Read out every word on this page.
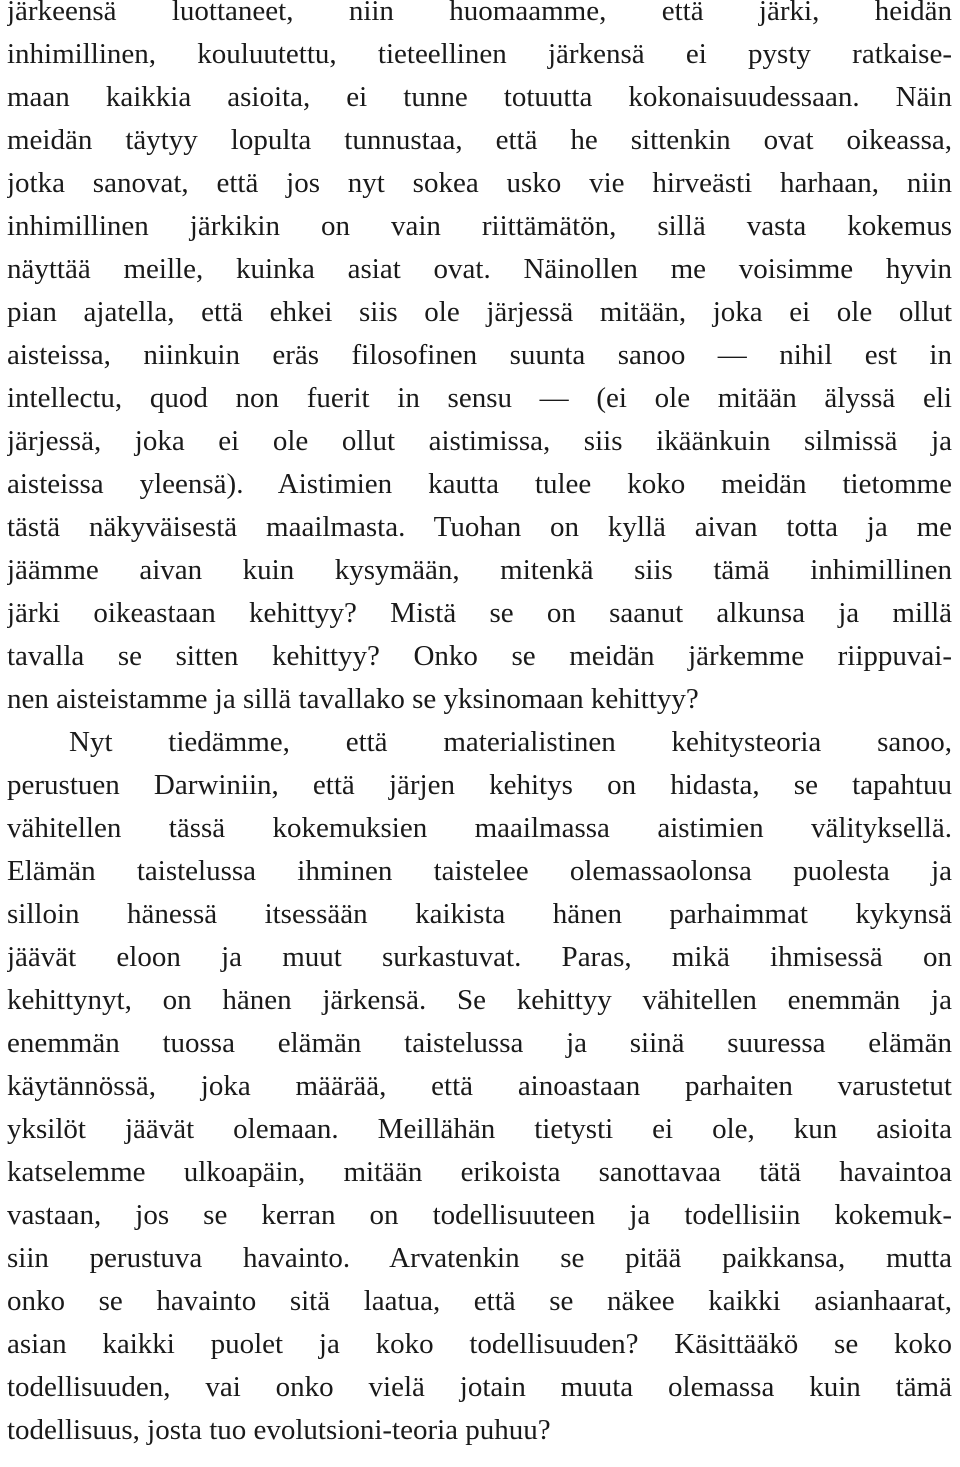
järkeensä luottaneet, niin huomaamme, että järki, heidän
inhimillinen, kouluutettu, tieteellinen järkensä ei pysty ratkaise-
maan kaikkia asioita, ei tunne totuutta kokonaisuudessaan. Näin
meidän täytyy lopulta tunnustaa, että he sittenkin ovat oikeassa,
jotka sanovat, että jos nyt sokea usko vie hirveästi harhaan, niin
inhimillinen järkikin on vain riittämätön, sillä vasta kokemus
näyttää meille, kuinka asiat ovat. Näinollen me voisimme hyvin
pian ajatella, että ehkei siis ole järjessä mitään, joka ei ole ollut
aisteissa, niinkuin eräs filosofinen suunta sanoo — nihil est in
intellectu, quod non fuerit in sensu — (ei ole mitään älyssä eli
järjessä, joka ei ole ollut aistimissa, siis ikäänkuin silmissä ja
aisteissa yleensä). Aistimien kautta tulee koko meidän tietomme
tästä näkyväisestä maailmasta. Tuohan on kyllä aivan totta ja me
jäämme aivan kuin kysymään, mitenkä siis tämä inhimillinen
järki oikeastaan kehittyy? Mistä se on saanut alkunsa ja millä
tavalla se sitten kehittyy? Onko se meidän järkemme riippuvai-
nen aisteistamme ja sillä tavallako se yksinomaan kehittyy?
Nyt tiedämme, että materialistinen kehitysteoria sanoo,
perustuen Darwiniin, että järjen kehitys on hidasta, se tapahtuu
vähitellen tässä kokemuksien maailmassa aistimien välityksellä.
Elämän taistelussa ihminen taistelee olemassaolonsa puolesta ja
silloin hänessä itsessään kaikista hänen parhaimmat kykynsä
jäävät eloon ja muut surkastuvat. Paras, mikä ihmisessä on
kehittynyt, on hänen järkensä. Se kehittyy vähitellen enemmän ja
enemmän tuossa elämän taistelussa ja siinä suuressa elämän
käytännössä, joka määrää, että ainoastaan parhaiten varustetut
yksilöt jäävät olemaan. Meillähän tietysti ei ole, kun asioita
katselemme ulkoapäin, mitään erikoista sanottavaa tätä havaintoa
vastaan, jos se kerran on todellisuuteen ja todellisiin kokemuk-
siin perustuva havainto. Arvatenkin se pitää paikkansa, mutta
onko se havainto sitä laatua, että se näkee kaikki asianhaarat,
asian kaikki puolet ja koko todellisuuden? Käsittääkö se koko
todellisuuden, vai onko vielä jotain muuta olemassa kuin tämä
todellisuus, josta tuo evolutsioni-teoria puhuu?
